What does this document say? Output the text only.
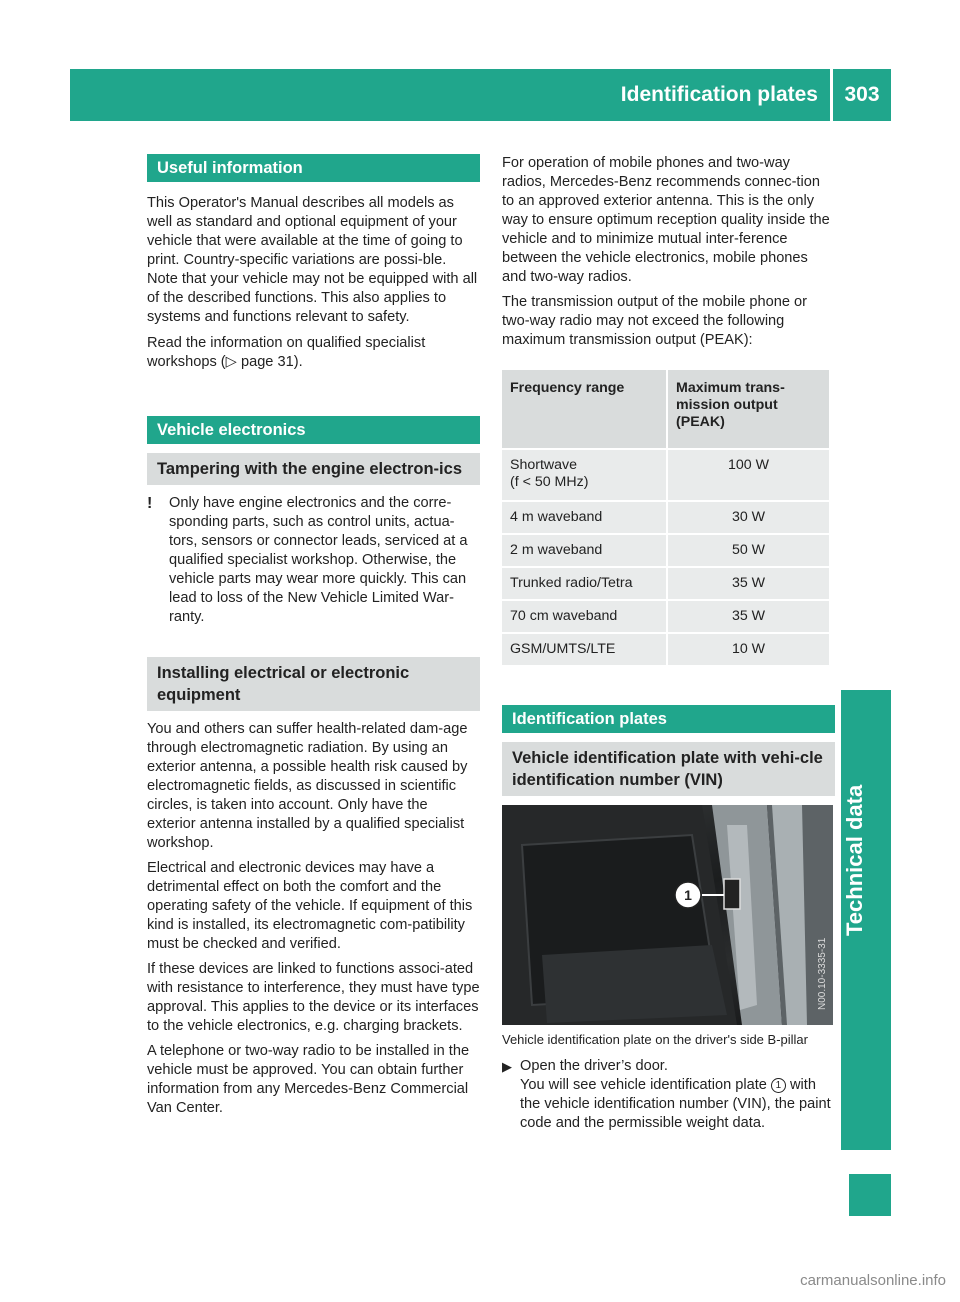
Identification plates	303
Useful information

This Operator's Manual describes all models as well as standard and optional equipment of your vehicle that were available at the time of going to print. Country-specific variations are possi-ble. Note that your vehicle may not be equipped with all of the described functions. This also applies to systems and functions relevant to safety.

Read the information on qualified specialist workshops (▷ page 31).

Vehicle electronics
Tampering with the engine electron-ics
!	Only have engine electronics and the corre-sponding parts, such as control units, actua-tors, sensors or connector leads, serviced at a qualified specialist workshop. Otherwise, the vehicle parts may wear more quickly. This can lead to loss of the New Vehicle Limited War-ranty.
Installing electrical or electronic equipment

You and others can suffer health-related dam-age through electromagnetic radiation. By using an exterior antenna, a possible health risk caused by electromagnetic fields, as discussed in scientific circles, is taken into account. Only have the exterior antenna installed by a qualified specialist workshop.

Electrical and electronic devices may have a detrimental effect on both the comfort and the operating safety of the vehicle. If equipment of this kind is installed, its electromagnetic com-patibility must be checked and verified.

If these devices are linked to functions associ-ated with resistance to interference, they must have type approval. This applies to the device or its interfaces to the vehicle electronics, e.g. charging brackets.

A telephone or two-way radio to be installed in the vehicle must be approved. You can obtain further information from any Mercedes-Benz Commercial Van Center.

For operation of mobile phones and two-way radios, Mercedes-Benz recommends connec-tion to an approved exterior antenna. This is the only way to ensure optimum reception quality inside the vehicle and to minimize mutual inter-ference between the vehicle electronics, mobile phones and two-way radios.

The transmission output of the mobile phone or two-way radio may not exceed the following maximum transmission output (PEAK):

Frequency range	Maximum trans-mission output (PEAK)
Shortwave
(f < 50 MHz)	100 W
4 m waveband	30 W
2 m waveband	50 W
Trunked radio/Tetra	35 W
70 cm waveband	35 W
GSM/UMTS/LTE	10 W
Identification plates
Vehicle identification plate with vehi-cle identification number (VIN)
1
N00.10-3335-31
Vehicle identification plate on the driver's side B-pillar
▶ Open the driver’s door.
You will see vehicle identification plate 1 with the vehicle identification number (VIN), the paint code and the permissible weight data.
carmanualsonline.info
